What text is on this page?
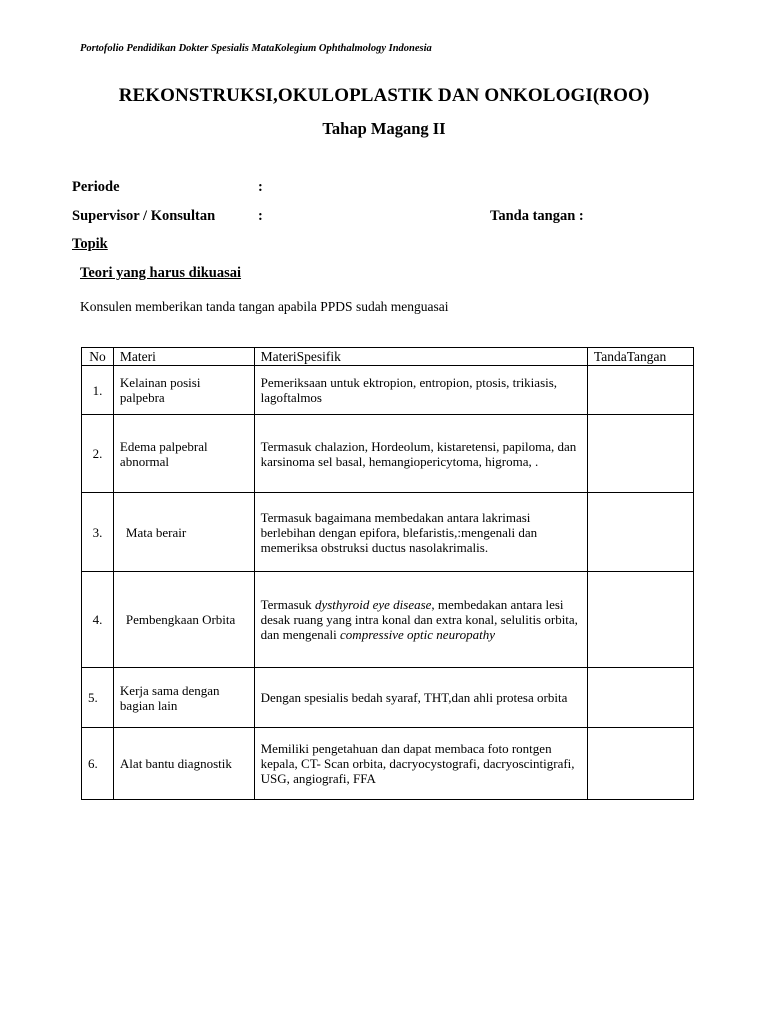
Portofolio Pendidikan Dokter Spesialis MataKolegium Ophthalmology Indonesia
REKONSTRUKSI,OKULOPLASTIK DAN ONKOLOGI(ROO)
Tahap Magang II
Periode	:
Supervisor / Konsultan	:	Tanda tangan :
Topik
Teori yang harus dikuasai
Konsulen memberikan tanda tangan apabila PPDS sudah menguasai
No	Materi	MateriSpesifik	TandaTangan
1.	Kelainan posisi palpebra	Pemeriksaan untuk ektropion, entropion, ptosis, trikiasis, lagoftalmos	
2.	Edema palpebral abnormal	Termasuk chalazion, Hordeolum, kistaretensi, papiloma, dan karsinoma sel basal, hemangiopericytoma, higroma, .	
3.	Mata berair	Termasuk bagaimana membedakan antara lakrimasi berlebihan dengan epifora, blefaristis,:mengenali dan memeriksa obstruksi ductus nasolakrimalis.	
4.	Pembengkaan Orbita	Termasuk dysthyroid eye disease, membedakan antara lesi desak ruang yang intra konal dan extra konal, selulitis orbita, dan mengenali compressive optic neuropathy	
5.	Kerja sama dengan bagian lain	Dengan spesialis bedah syaraf, THT,dan ahli protesa orbita	
6.	Alat bantu diagnostik	Memiliki pengetahuan dan dapat membaca foto rontgen kepala, CT- Scan orbita, dacryocystografi, dacryoscintigrafi, USG, angiografi, FFA	
